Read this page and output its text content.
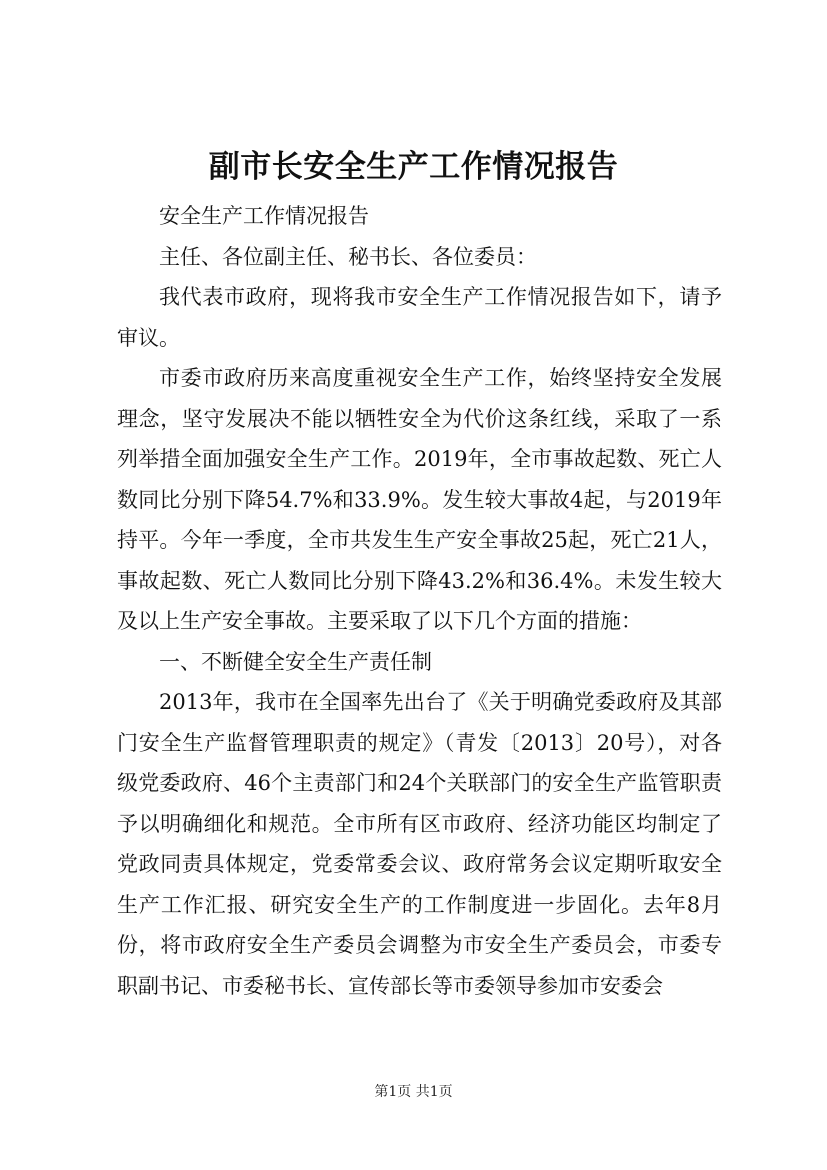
副市长安全生产工作情况报告

安全生产工作情况报告

主任、各位副主任、秘书长、各位委员：

我代表市政府，现将我市安全生产工作情况报告如下，请予审议。

市委市政府历来高度重视安全生产工作，始终坚持安全发展理念，坚守发展决不能以牺牲安全为代价这条红线，采取了一系列举措全面加强安全生产工作。2019年，全市事故起数、死亡人数同比分别下降54.7%和33.9%。发生较大事故4起，与2019年持平。今年一季度，全市共发生生产安全事故25起，死亡21人，事故起数、死亡人数同比分别下降43.2%和36.4%。未发生较大及以上生产安全事故。主要采取了以下几个方面的措施：

一、不断健全安全生产责任制

2013年，我市在全国率先出台了《关于明确党委政府及其部门安全生产监督管理职责的规定》（青发〔2013〕20号），对各级党委政府、46个主责部门和24个关联部门的安全生产监管职责予以明确细化和规范。全市所有区市政府、经济功能区均制定了党政同责具体规定，党委常委会议、政府常务会议定期听取安全生产工作汇报、研究安全生产的工作制度进一步固化。去年8月份，将市政府安全生产委员会调整为市安全生产委员会，市委专职副书记、市委秘书长、宣传部长等市委领导参加市安委会

第1页 共1页
